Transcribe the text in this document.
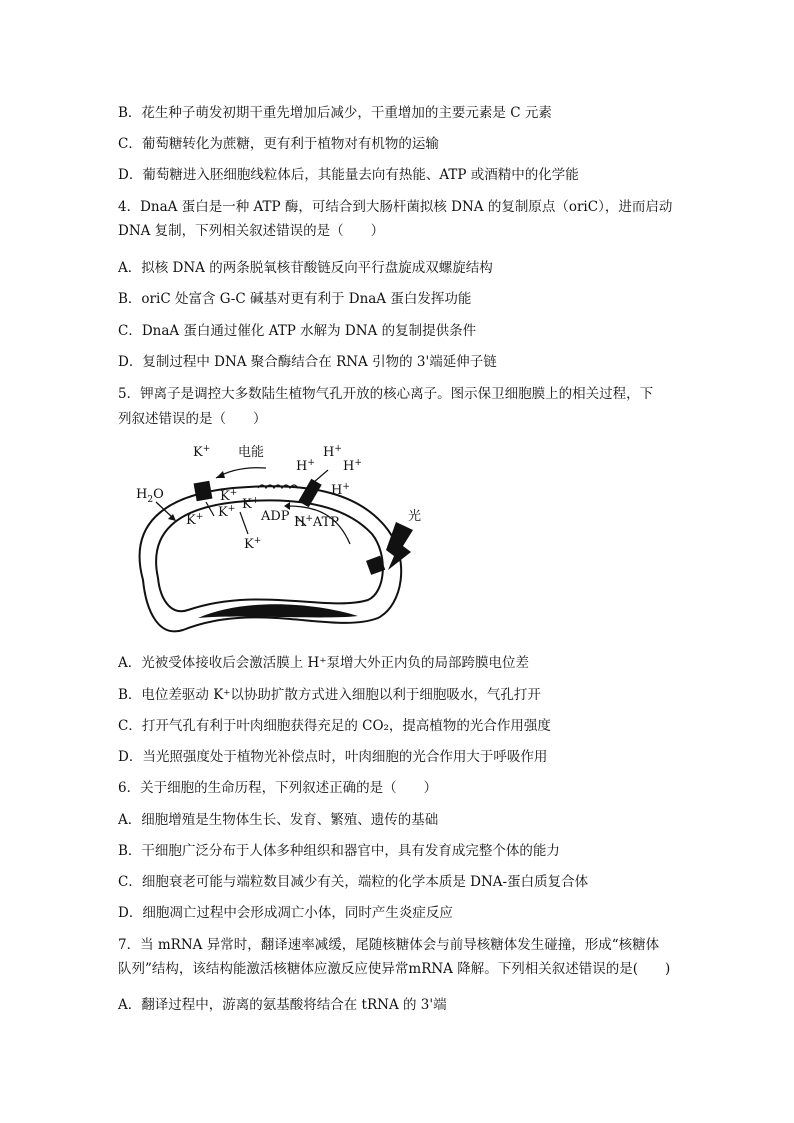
B．花生种子萌发初期干重先增加后减少，干重增加的主要元素是 C 元素
C．葡萄糖转化为蔗糖，更有利于植物对有机物的运输
D．葡萄糖进入胚细胞线粒体后，其能量去向有热能、ATP 或酒精中的化学能
4．DnaA 蛋白是一种 ATP 酶，可结合到大肠杆菌拟核 DNA 的复制原点（oriC），进而启动
DNA 复制，下列相关叙述错误的是（　　）
A．拟核 DNA 的两条脱氧核苷酸链反向平行盘旋成双螺旋结构
B．oriC 处富含 G-C 碱基对更有利于 DnaA 蛋白发挥功能
C．DnaA 蛋白通过催化 ATP 水解为 DNA 的复制提供条件
D．复制过程中 DNA 聚合酶结合在 RNA 引物的 3'端延伸子链
5．钾离子是调控大多数陆生植物气孔开放的核心离子。图示保卫细胞膜上的相关过程，下
列叙述错误的是（　　）
K+ 电能	H+
H+ H+
H+
$H_2O$	K+
K+
K+ K+
K+
ADP H+ATP	光
A．光被受体接收后会激活膜上 H⁺泵增大外正内负的局部跨膜电位差
B．电位差驱动 K⁺以协助扩散方式进入细胞以利于细胞吸水，气孔打开
C．打开气孔有利于叶肉细胞获得充足的 CO₂，提高植物的光合作用强度
D．当光照强度处于植物光补偿点时，叶肉细胞的光合作用大于呼吸作用
6．关于细胞的生命历程，下列叙述正确的是（　　）
A．细胞增殖是生物体生长、发育、繁殖、遗传的基础
B．干细胞广泛分布于人体多种组织和器官中，具有发育成完整个体的能力
C．细胞衰老可能与端粒数目减少有关，端粒的化学本质是 DNA-蛋白质复合体
D．细胞凋亡过程中会形成凋亡小体，同时产生炎症反应
7．当 mRNA 异常时，翻译速率减缓，尾随核糖体会与前导核糖体发生碰撞，形成“核糖体
队列”结构，该结构能激活核糖体应激反应使异常mRNA 降解。下列相关叙述错误的是(　　)
A．翻译过程中，游离的氨基酸将结合在 tRNA 的 3'端
